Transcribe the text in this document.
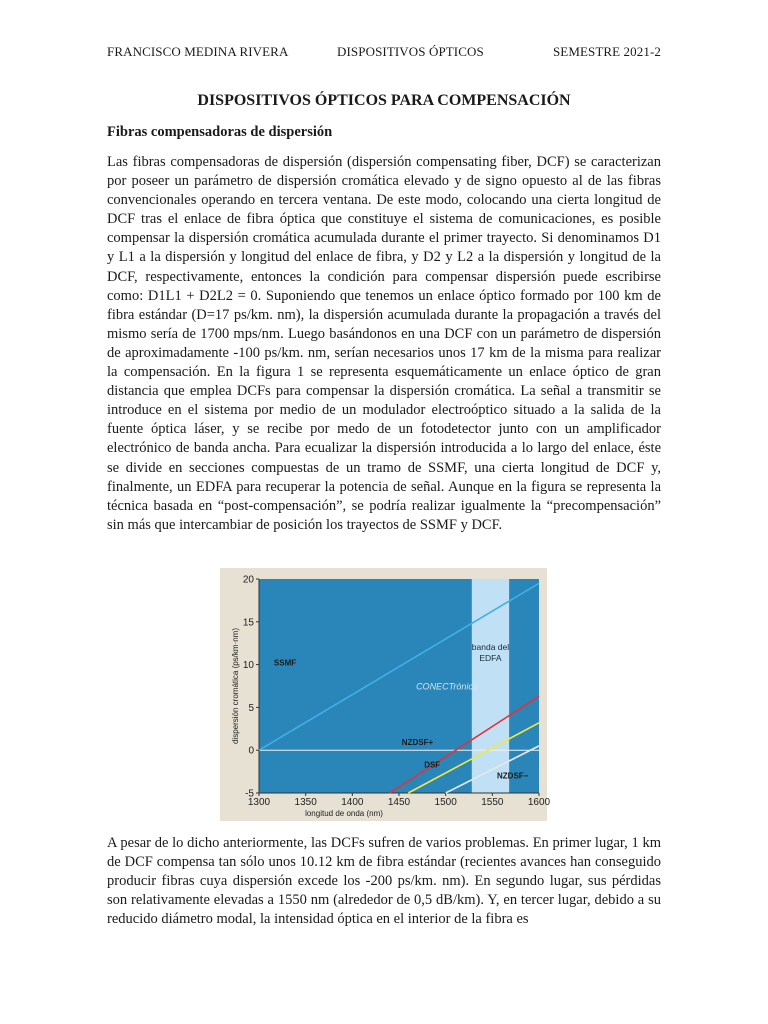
FRANCISCO MEDINA RIVERA	DISPOSITIVOS ÓPTICOS	SEMESTRE 2021-2
DISPOSITIVOS ÓPTICOS PARA COMPENSACIÓN
Fibras compensadoras de dispersión

Las fibras compensadoras de dispersión (dispersión compensating fiber, DCF) se caracterizan por poseer un parámetro de dispersión cromática elevado y de signo opuesto al de las fibras convencionales operando en tercera ventana. De este modo, colocando una cierta longitud de DCF tras el enlace de fibra óptica que constituye el sistema de comunicaciones, es posible compensar la dispersión cromática acumulada durante el primer trayecto. Si denominamos D1 y L1 a la dispersión y longitud del enlace de fibra, y D2 y L2 a la dispersión y longitud de la DCF, respectivamente, entonces la condición para compensar dispersión puede escribirse como: D1L1 + D2L2 = 0. Suponiendo que tenemos un enlace óptico formado por 100 km de fibra estándar (D=17 ps/km. nm), la dispersión acumulada durante la propagación a través del mismo sería de 1700 mps/nm. Luego basándonos en una DCF con un parámetro de dispersión de aproximadamente -100 ps/km. nm, serían necesarios unos 17 km de la misma para realizar la compensación. En la figura 1 se representa esquemáticamente un enlace óptico de gran distancia que emplea DCFs para compensar la dispersión cromática. La señal a transmitir se introduce en el sistema por medio de un modulador electroóptico situado a la salida de la fuente óptica láser, y se recibe por medo de un fotodetector junto con un amplificador electrónico de banda ancha. Para ecualizar la dispersión introducida a lo largo del enlace, éste se divide en secciones compuestas de un tramo de SSMF, una cierta longitud de DCF y, finalmente, un EDFA para recuperar la potencia de señal. Aunque en la figura se representa la técnica basada en “post-compensación”, se podría realizar igualmente la “precompensación” sin más que intercambiar de posición los trayectos de SSMF y DCF.

banda del
EDFA
-5
0
5
10
15
20
1300 1350 1400 1450 1500 1550 1600
longitud de onda (nm)
dispersión cromática (ps/km·nm)	CONECTrónica
SSMF
NZDSF+
DSF
NZDSF−

A pesar de lo dicho anteriormente, las DCFs sufren de varios problemas. En primer lugar, 1 km de DCF compensa tan sólo unos 10.12 km de fibra estándar (recientes avances han conseguido producir fibras cuya dispersión excede los -200 ps/km. nm). En segundo lugar, sus pérdidas son relativamente elevadas a 1550 nm (alrededor de 0,5 dB/km). Y, en tercer lugar, debido a su reducido diámetro modal, la intensidad óptica en el interior de la fibra es
